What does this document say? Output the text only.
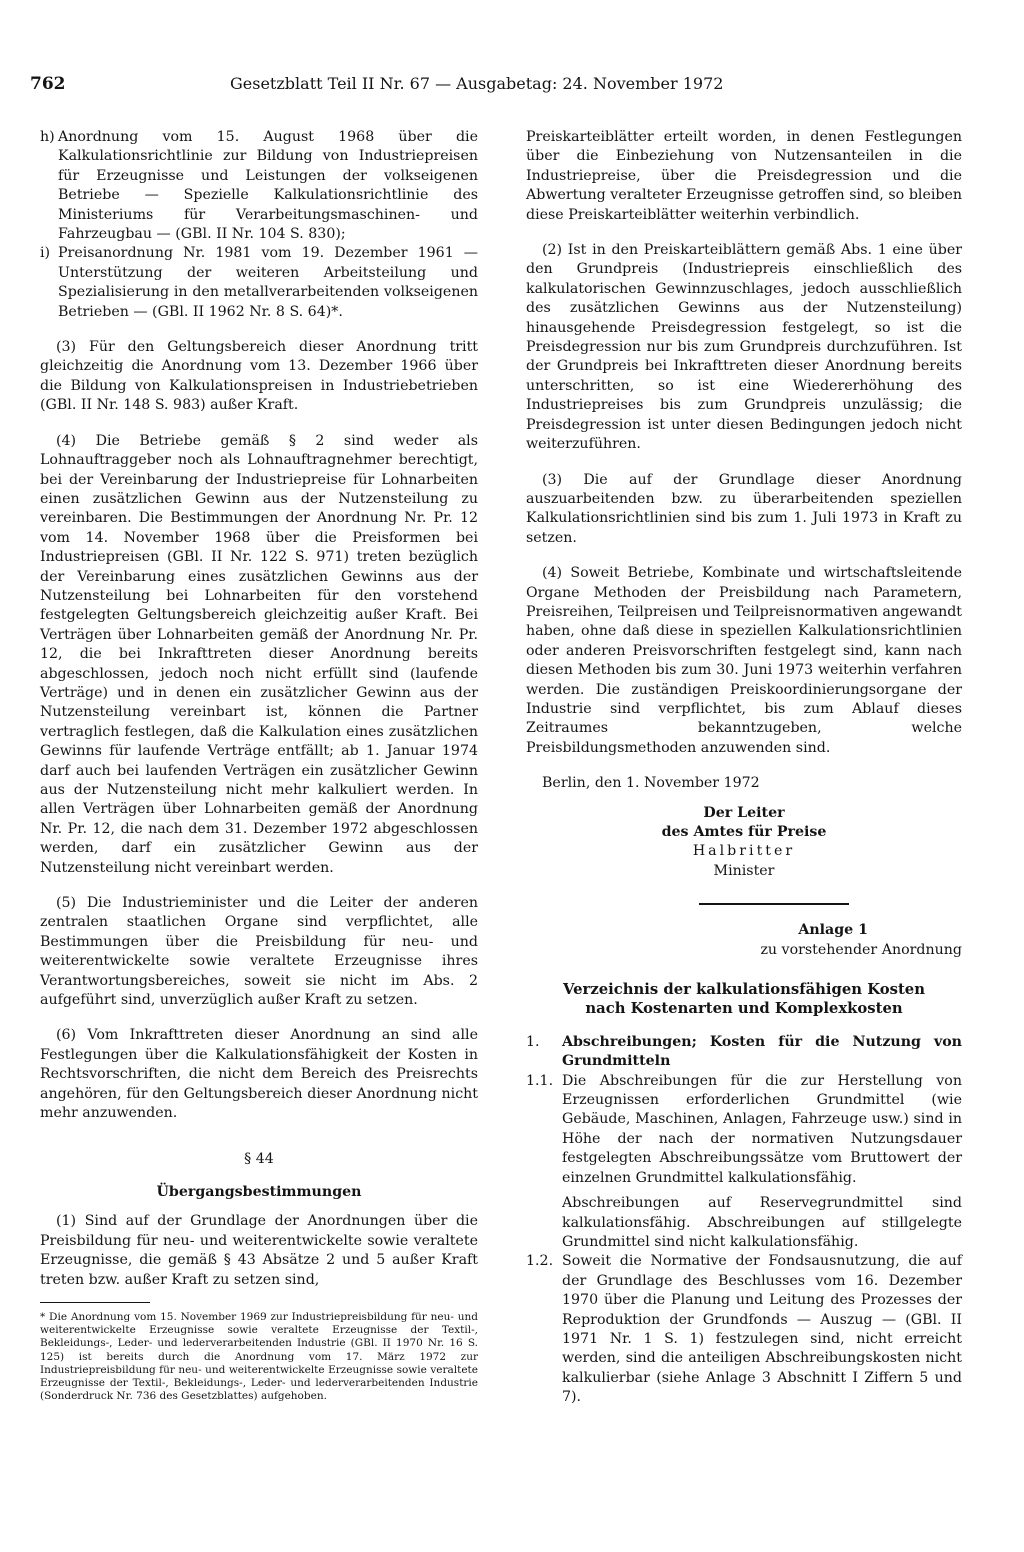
762	Gesetzblatt Teil II Nr. 67 — Ausgabetag: 24. November 1972
h) Anordnung vom 15. August 1968 über die Kalkulationsrichtlinie zur Bildung von Industriepreisen für Erzeugnisse und Leistungen der volkseigenen Betriebe — Spezielle Kalkulationsrichtlinie des Ministeriums für Verarbeitungsmaschinen- und Fahrzeugbau — (GBl. II Nr. 104 S. 830);
i) Preisanordnung Nr. 1981 vom 19. Dezember 1961 — Unterstützung der weiteren Arbeitsteilung und Spezialisierung in den metallverarbeitenden volkseigenen Betrieben — (GBl. II 1962 Nr. 8 S. 64)*.

(3) Für den Geltungsbereich dieser Anordnung tritt gleichzeitig die Anordnung vom 13. Dezember 1966 über die Bildung von Kalkulationspreisen in Industriebetrieben (GBl. II Nr. 148 S. 983) außer Kraft.

(4) Die Betriebe gemäß § 2 sind weder als Lohnauftraggeber noch als Lohnauftragnehmer berechtigt, bei der Vereinbarung der Industriepreise für Lohnarbeiten einen zusätzlichen Gewinn aus der Nutzensteilung zu vereinbaren. Die Bestimmungen der Anordnung Nr. Pr. 12 vom 14. November 1968 über die Preisformen bei Industriepreisen (GBl. II Nr. 122 S. 971) treten bezüglich der Vereinbarung eines zusätzlichen Gewinns aus der Nutzensteilung bei Lohnarbeiten für den vorstehend festgelegten Geltungsbereich gleichzeitig außer Kraft. Bei Verträgen über Lohnarbeiten gemäß der Anordnung Nr. Pr. 12, die bei Inkrafttreten dieser Anordnung bereits abgeschlossen, jedoch noch nicht erfüllt sind (laufende Verträge) und in denen ein zusätzlicher Gewinn aus der Nutzensteilung vereinbart ist, können die Partner vertraglich festlegen, daß die Kalkulation eines zusätzlichen Gewinns für laufende Verträge entfällt; ab 1. Januar 1974 darf auch bei laufenden Verträgen ein zusätzlicher Gewinn aus der Nutzensteilung nicht mehr kalkuliert werden. In allen Verträgen über Lohnarbeiten gemäß der Anordnung Nr. Pr. 12, die nach dem 31. Dezember 1972 abgeschlossen werden, darf ein zusätzlicher Gewinn aus der Nutzensteilung nicht vereinbart werden.

(5) Die Industrieminister und die Leiter der anderen zentralen staatlichen Organe sind verpflichtet, alle Bestimmungen über die Preisbildung für neu- und weiterentwickelte sowie veraltete Erzeugnisse ihres Verantwortungsbereiches, soweit sie nicht im Abs. 2 aufgeführt sind, unverzüglich außer Kraft zu setzen.

(6) Vom Inkrafttreten dieser Anordnung an sind alle Festlegungen über die Kalkulationsfähigkeit der Kosten in Rechtsvorschriften, die nicht dem Bereich des Preisrechts angehören, für den Geltungsbereich dieser Anordnung nicht mehr anzuwenden.

§ 44

Übergangsbestimmungen

(1) Sind auf der Grundlage der Anordnungen über die Preisbildung für neu- und weiterentwickelte sowie veraltete Erzeugnisse, die gemäß § 43 Absätze 2 und 5 außer Kraft treten bzw. außer Kraft zu setzen sind,

* Die Anordnung vom 15. November 1969 zur Industriepreisbildung für neu- und weiterentwickelte Erzeugnisse sowie veraltete Erzeugnisse der Textil-, Bekleidungs-, Leder- und lederverarbeitenden Industrie (GBl. II 1970 Nr. 16 S. 125) ist bereits durch die Anordnung vom 17. März 1972 zur Industriepreisbildung für neu- und weiterentwickelte Erzeugnisse sowie veraltete Erzeugnisse der Textil-, Bekleidungs-, Leder- und lederverarbeitenden Industrie (Sonderdruck Nr. 736 des Gesetzblattes) aufgehoben.

Preiskarteiblätter erteilt worden, in denen Festlegungen über die Einbeziehung von Nutzensanteilen in die Industriepreise, über die Preisdegression und die Abwertung veralteter Erzeugnisse getroffen sind, so bleiben diese Preiskarteiblätter weiterhin verbindlich.

(2) Ist in den Preiskarteiblättern gemäß Abs. 1 eine über den Grundpreis (Industriepreis einschließlich des kalkulatorischen Gewinnzuschlages, jedoch ausschließlich des zusätzlichen Gewinns aus der Nutzensteilung) hinausgehende Preisdegression festgelegt, so ist die Preisdegression nur bis zum Grundpreis durchzuführen. Ist der Grundpreis bei Inkrafttreten dieser Anordnung bereits unterschritten, so ist eine Wiedererhöhung des Industriepreises bis zum Grundpreis unzulässig; die Preisdegression ist unter diesen Bedingungen jedoch nicht weiterzuführen.

(3) Die auf der Grundlage dieser Anordnung auszuarbeitenden bzw. zu überarbeitenden speziellen Kalkulationsrichtlinien sind bis zum 1. Juli 1973 in Kraft zu setzen.

(4) Soweit Betriebe, Kombinate und wirtschaftsleitende Organe Methoden der Preisbildung nach Parametern, Preisreihen, Teilpreisen und Teilpreisnormativen angewandt haben, ohne daß diese in speziellen Kalkulationsrichtlinien oder anderen Preisvorschriften festgelegt sind, kann nach diesen Methoden bis zum 30. Juni 1973 weiterhin verfahren werden. Die zuständigen Preiskoordinierungsorgane der Industrie sind verpflichtet, bis zum Ablauf dieses Zeitraumes bekanntzugeben, welche Preisbildungsmethoden anzuwenden sind.

Berlin, den 1. November 1972

Der Leiter

des Amtes für Preise

Halbritter

Minister

Anlage 1

zu vorstehender Anordnung

Verzeichnis der kalkulationsfähigen Kosten
nach Kostenarten und Komplexkosten
1.	Abschreibungen; Kosten für die Nutzung von Grundmitteln
1.1. Die Abschreibungen für die zur Herstellung von Erzeugnissen erforderlichen Grundmittel (wie Gebäude, Maschinen, Anlagen, Fahrzeuge usw.) sind in Höhe der nach der normativen Nutzungsdauer festgelegten Abschreibungssätze vom Bruttowert der einzelnen Grundmittel kalkulationsfähig.
Abschreibungen auf Reservegrundmittel sind kalkulationsfähig. Abschreibungen auf stillgelegte Grundmittel sind nicht kalkulationsfähig.
1.2. Soweit die Normative der Fondsausnutzung, die auf der Grundlage des Beschlusses vom 16. Dezember 1970 über die Planung und Leitung des Prozesses der Reproduktion der Grundfonds — Auszug — (GBl. II 1971 Nr. 1 S. 1) festzulegen sind, nicht erreicht werden, sind die anteiligen Abschreibungskosten nicht kalkulierbar (siehe Anlage 3 Abschnitt I Ziffern 5 und 7).
